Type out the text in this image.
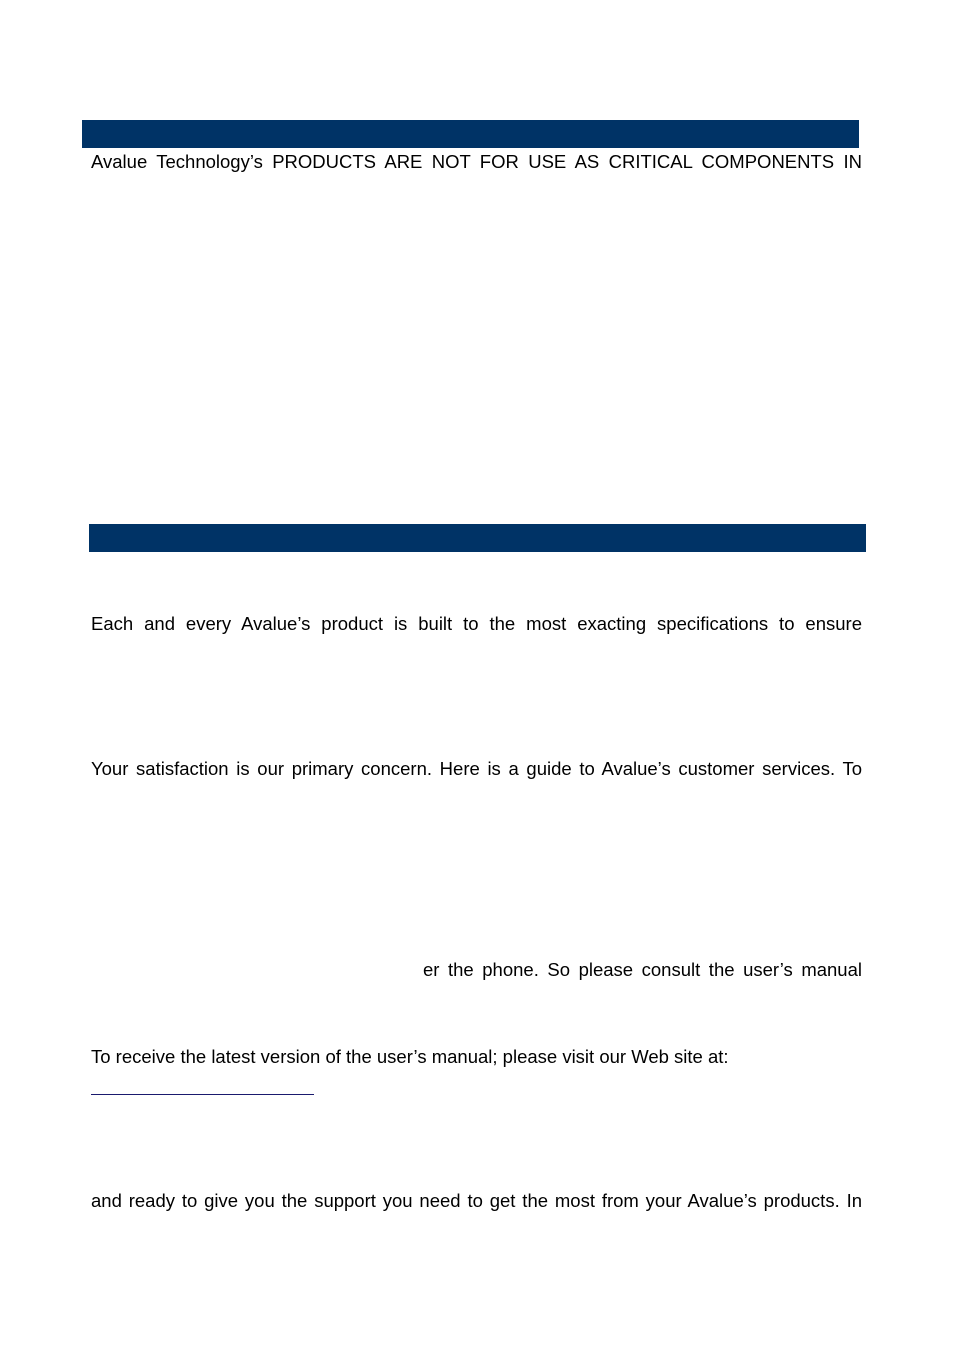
Avalue Technology’s PRODUCTS ARE NOT FOR USE AS CRITICAL COMPONENTS IN
Each and every Avalue’s product is built to the most exacting specifications to ensure
Your satisfaction is our primary concern. Here is a guide to Avalue’s customer services. To
er the phone. So please consult the user’s manual
To receive the latest version of the user’s manual; please visit our Web site at:
and ready to give you the support you need to get the most from your Avalue’s products. In
